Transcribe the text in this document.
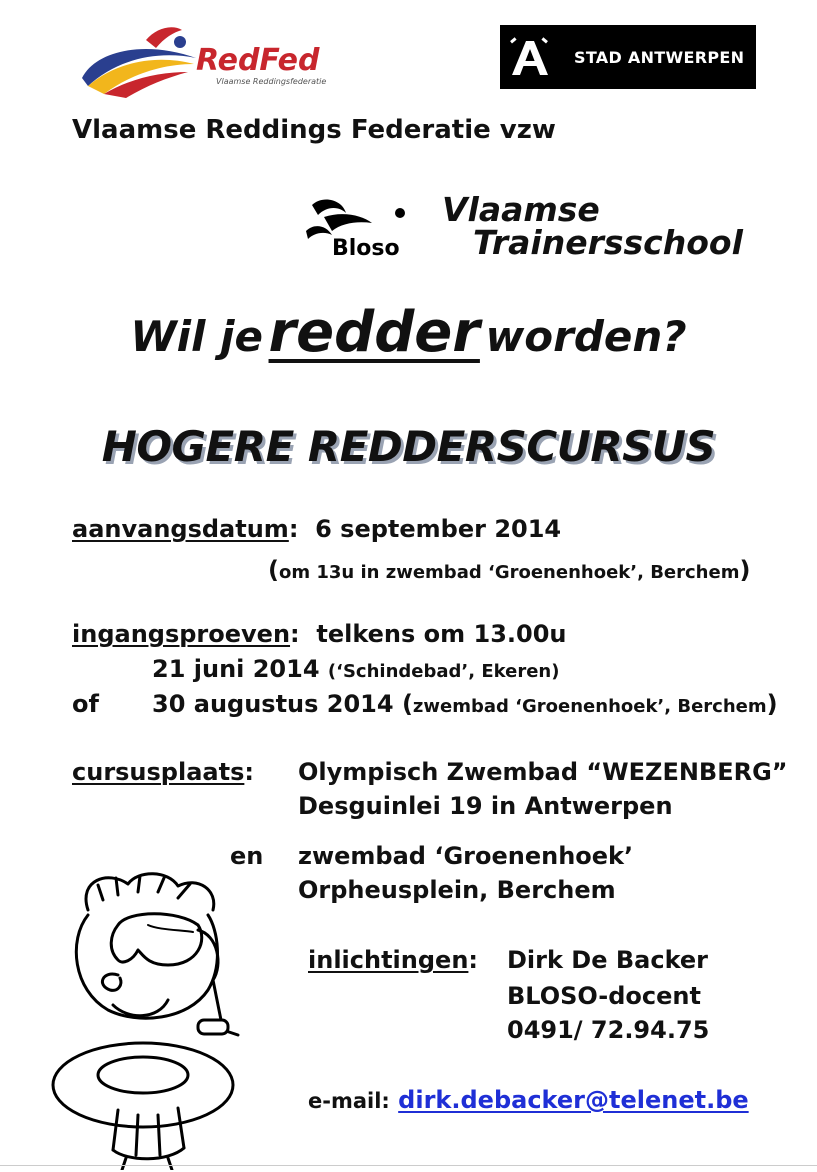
RedFed
Vlaamse Reddingsfederatie
STAD ANTWERPEN
Vlaamse Reddings Federatie vzw
Bloso
Vlaamse
Trainersschool
Wil je redder worden?
HOGERE REDDERSCURSUS
aanvangsdatum:  6 september 2014
(om 13u in zwembad ‘Groenenhoek’, Berchem)
ingangsproeven:  telkens om 13.00u
21 juni 2014 (‘Schindebad’, Ekeren)
of 30 augustus 2014 (zwembad ‘Groenenhoek’, Berchem)
cursusplaats: Olympisch Zwembad “WEZENBERG”
Desguinlei 19 in Antwerpen
en zwembad ‘Groenenhoek’
Orpheusplein, Berchem
inlichtingen: Dirk De Backer
BLOSO-docent
0491/ 72.94.75
e-mail: dirk.debacker@telenet.be
